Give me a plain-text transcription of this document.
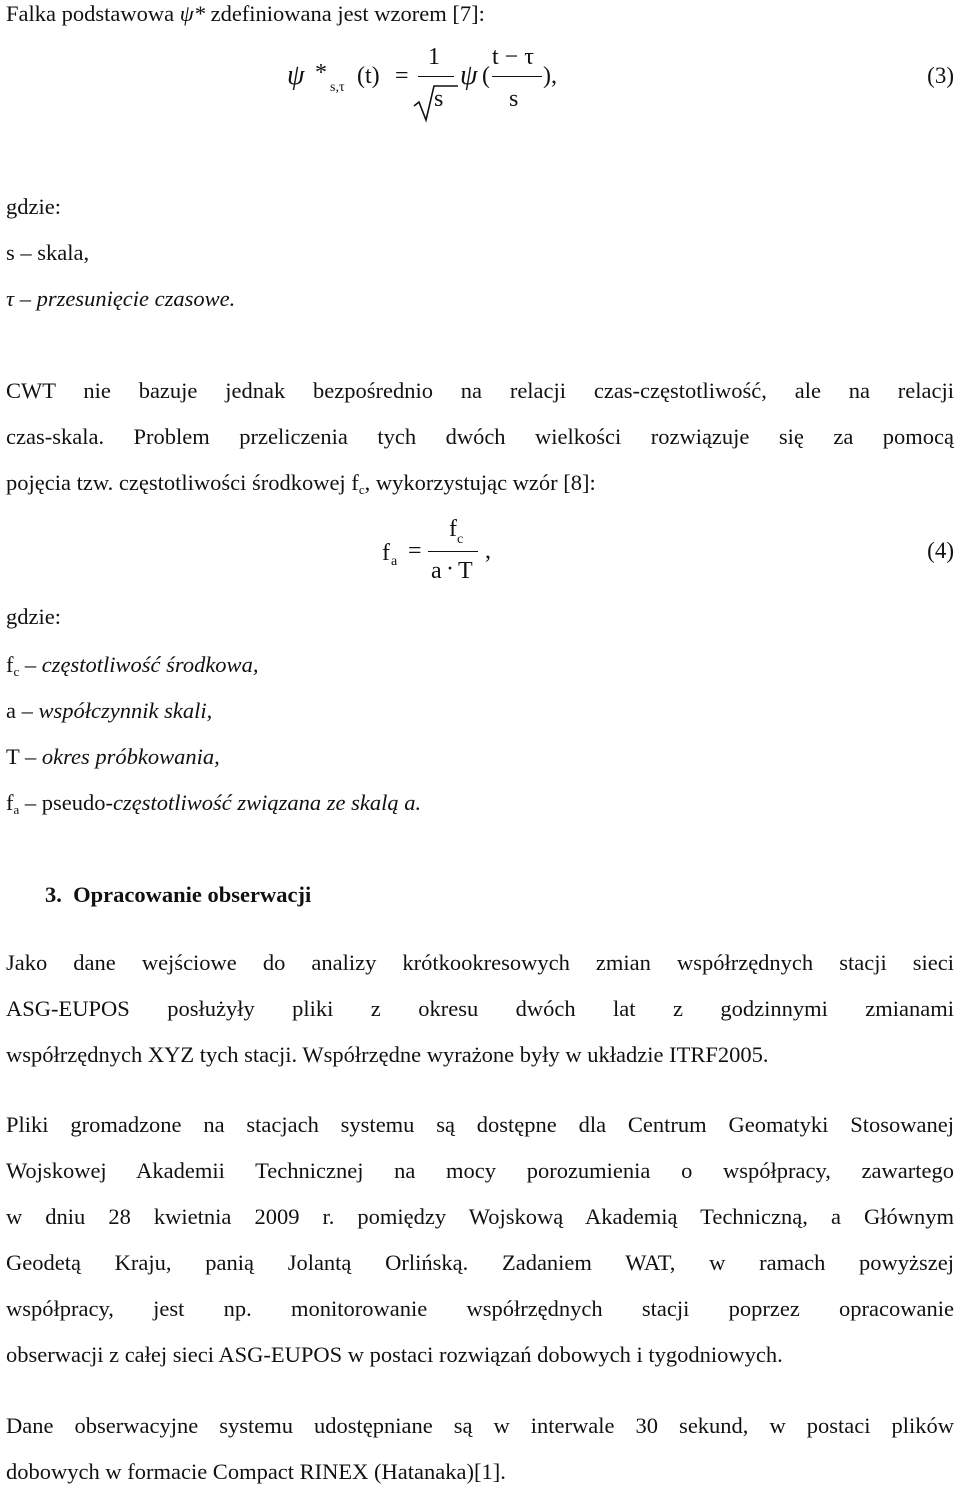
Falka podstawowa ψ* zdefiniowana jest wzorem [7]:
ψ *
s,τ (t) =
1
s
ψ (
t − τ
s
),	(3)
gdzie:
s – skala,
τ – przesunięcie czasowe.
CWT nie bazuje jednak bezpośrednio na relacji czas-częstotliwość, ale na relacji
czas-skala. Problem przeliczenia tych dwóch wielkości rozwiązuje się za pomocą
pojęcia tzw. częstotliwości środkowej $f_c$, wykorzystując wzór [8]:
f a =
f c
a · T
,	(4)
gdzie:
$f_c$ – częstotliwość środkowa,
a – współczynnik skali,
T – okres próbkowania,
$f_a$ – pseudo-częstotliwość związana ze skalą a.
3. Opracowanie obserwacji
Jako dane wejściowe do analizy krótkookresowych zmian współrzędnych stacji sieci
ASG-EUPOS posłużyły pliki z okresu dwóch lat z godzinnymi zmianami
współrzędnych XYZ tych stacji. Współrzędne wyrażone były w układzie ITRF2005.
Pliki gromadzone na stacjach systemu są dostępne dla Centrum Geomatyki Stosowanej
Wojskowej Akademii Technicznej na mocy porozumienia o współpracy, zawartego
w dniu 28 kwietnia 2009 r. pomiędzy Wojskową Akademią Techniczną, a Głównym
Geodetą Kraju, panią Jolantą Orlińską. Zadaniem WAT, w ramach powyższej
współpracy, jest np. monitorowanie współrzędnych stacji poprzez opracowanie
obserwacji z całej sieci ASG-EUPOS w postaci rozwiązań dobowych i tygodniowych.
Dane obserwacyjne systemu udostępniane są w interwale 30 sekund, w postaci plików
dobowych w formacie Compact RINEX (Hatanaka)[1].
